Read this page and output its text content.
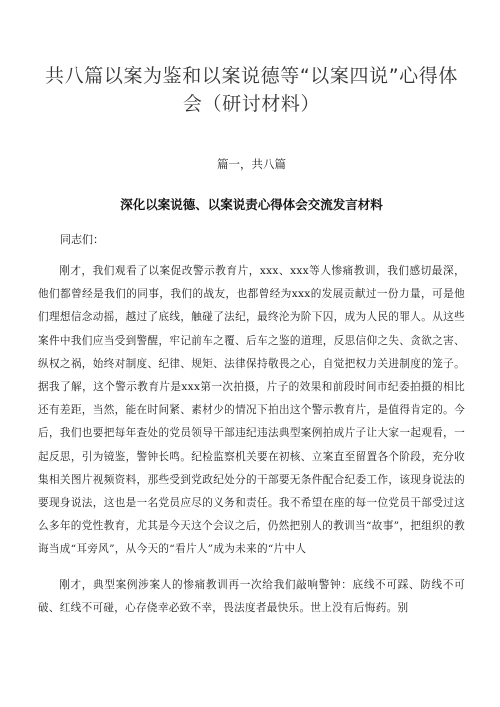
共八篇以案为鉴和以案说德等“以案四说”心得体会（研讨材料）
篇一，共八篇
深化以案说德、以案说责心得体会交流发言材料
同志们：

刚才，我们观看了以案促改警示教育片，xxx、xxx等人惨痛教训，我们感切最深，他们都曾经是我们的同事，我们的战友，也都曾经为xxx的发展贡献过一份力量，可是他们理想信念动摇，越过了底线，触碰了法纪，最终沦为阶下囚，成为人民的罪人。从这些案件中我们应当受到警醒，牢记前车之覆、后车之鉴的道理，反思信仰之失、贪欲之害、纵权之祸，始终对制度、纪律、规矩、法律保持敬畏之心，自觉把权力关进制度的笼子。据我了解，这个警示教育片是xxx第一次拍摄，片子的效果和前段时间市纪委拍摄的相比还有差距，当然，能在时间紧、素材少的情况下拍出这个警示教育片，是值得肯定的。今后，我们也要把每年查处的党员领导干部违纪违法典型案例拍成片子让大家一起观看，一起反思，引为镜鉴，警钟长鸣。纪检监察机关要在初核、立案直至留置各个阶段，充分收集相关图片视频资料，那些受到党政纪处分的干部要无条件配合纪委工作，该现身说法的要现身说法，这也是一名党员应尽的义务和责任。我不希望在座的每一位党员干部受过这么多年的党性教育，尤其是今天这个会议之后，仍然把别人的教训当“故事”，把组织的教诲当成“耳旁风”，从今天的“看片人”成为未来的“片中人

刚才，典型案例涉案人的惨痛教训再一次给我们敲响警钟：底线不可踩、防线不可破、红线不可碰，心存侥幸必致不幸，畏法度者最快乐。世上没有后悔药。别
